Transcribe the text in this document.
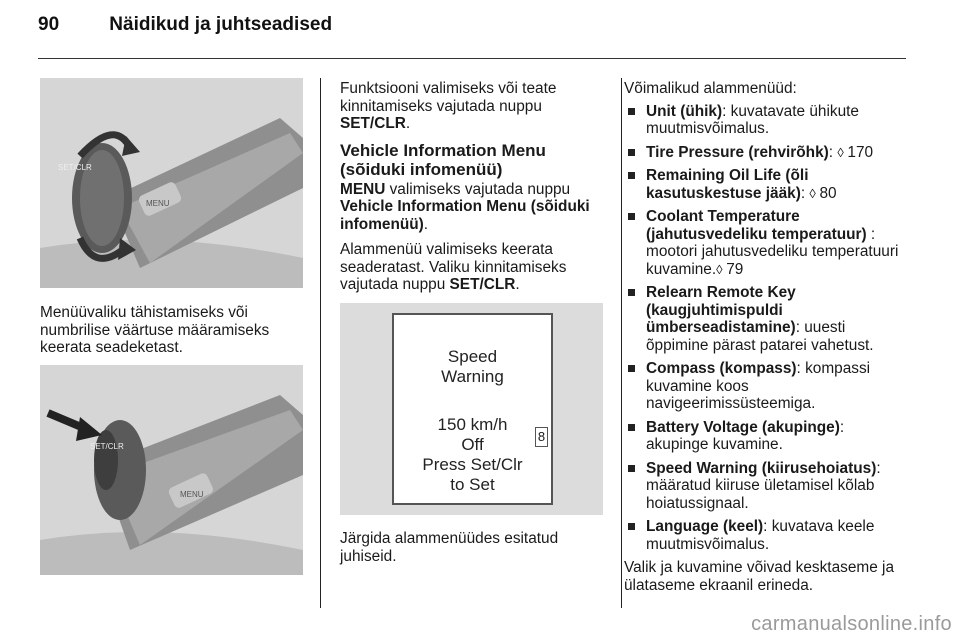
90	Näidikud ja juhtseadised
SET/CLR
MENU

Menüüvaliku tähistamiseks või numbrilise väärtuse määramiseks keerata seadeketast.

SET/CLR
MENU

Funktsiooni valimiseks või teate kinnitamiseks vajutada nuppu SET/CLR.

Vehicle Information Menu (sõiduki infomenüü)

MENU valimiseks vajutada nuppu Vehicle Information Menu (sõiduki infomenüü).

Alammenüü valimiseks keerata seaderatast. Valiku kinnitamiseks vajutada nuppu SET/CLR.

Speed
Warning
150 km/h
Off
Press Set/Clr
to Set
8

Järgida alammenüüdes esitatud juhiseid.

Võimalikud alammenüüd:

Unit (ühik): kuvatavate ühikute muutmisvõimalus.
Tire Pressure (rehvirõhk): ◊ 170
Remaining Oil Life (õli kasutuskestuse jääk): ◊ 80
Coolant Temperature (jahutusvedeliku temperatuur) : mootori jahutusvedeliku temperatuuri kuvamine.◊ 79
Relearn Remote Key (kaugjuhtimispuldi ümberseadistamine): uuesti õppimine pärast patarei vahetust.
Compass (kompass): kompassi kuvamine koos navigeerimissüsteemiga.
Battery Voltage (akupinge): akupinge kuvamine.
Speed Warning (kiirusehoiatus): määratud kiiruse ületamisel kõlab hoiatussignaal.
Language (keel): kuvatava keele muutmisvõimalus.

Valik ja kuvamine võivad kesktaseme ja ülataseme ekraanil erineda.

carmanualsonline.info
